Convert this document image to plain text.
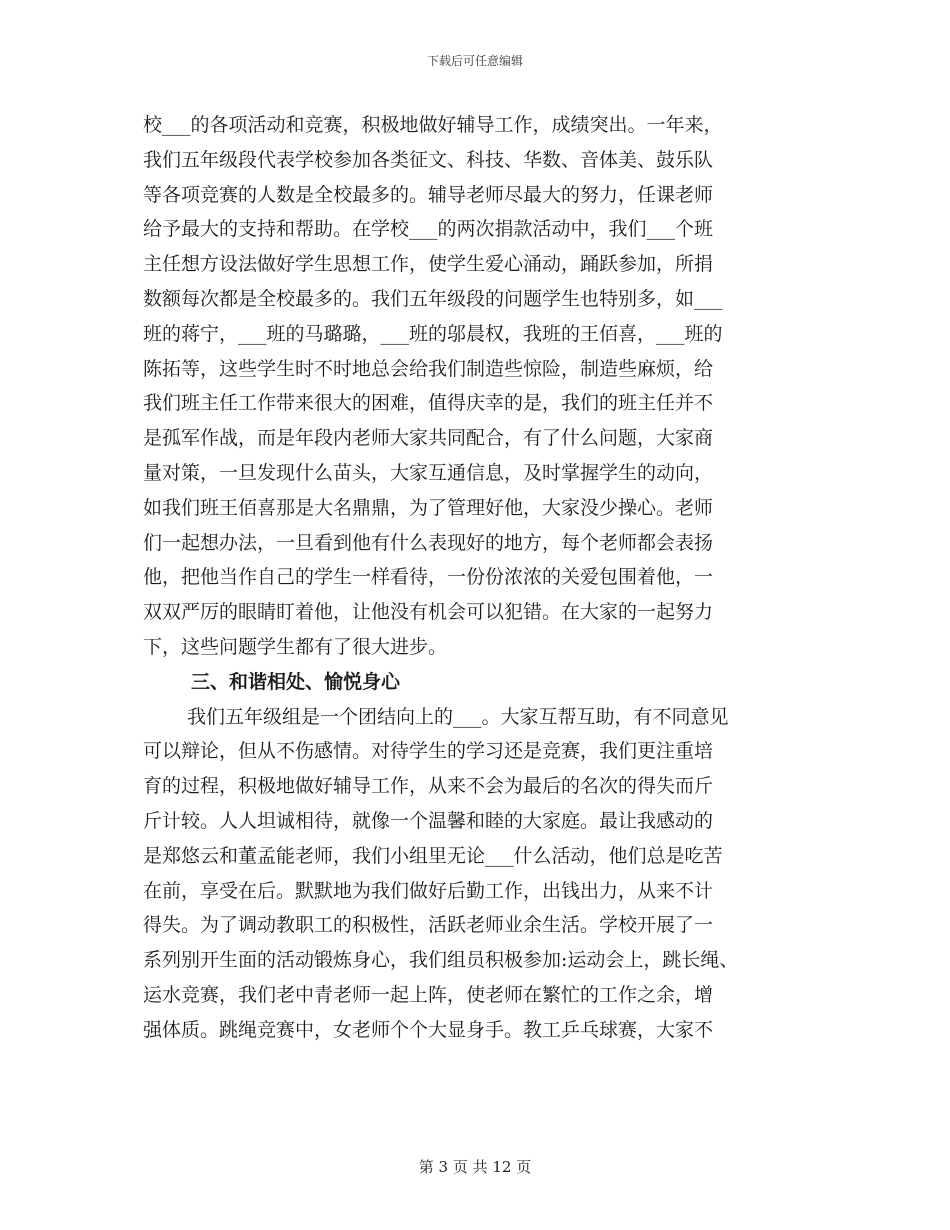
下载后可任意编辑
校___的各项活动和竞赛，积极地做好辅导工作，成绩突出。一年来，
我们五年级段代表学校参加各类征文、科技、华数、音体美、鼓乐队
等各项竞赛的人数是全校最多的。辅导老师尽最大的努力，任课老师
给予最大的支持和帮助。在学校___的两次捐款活动中，我们___个班
主任想方设法做好学生思想工作，使学生爱心涌动，踊跃参加，所捐
数额每次都是全校最多的。我们五年级段的问题学生也特别多，如___
班的蒋宁，___班的马璐璐，___班的邬晨权，我班的王佰喜，___班的
陈拓等，这些学生时不时地总会给我们制造些惊险，制造些麻烦，给
我们班主任工作带来很大的困难，值得庆幸的是，我们的班主任并不
是孤军作战，而是年段内老师大家共同配合，有了什么问题，大家商
量对策，一旦发现什么苗头，大家互通信息，及时掌握学生的动向，
如我们班王佰喜那是大名鼎鼎，为了管理好他，大家没少操心。老师
们一起想办法，一旦看到他有什么表现好的地方，每个老师都会表扬
他，把他当作自己的学生一样看待，一份份浓浓的关爱包围着他，一
双双严厉的眼睛盯着他，让他没有机会可以犯错。在大家的一起努力
下，这些问题学生都有了很大进步。
三、和谐相处、愉悦身心
我们五年级组是一个团结向上的___。大家互帮互助，有不同意见
可以辩论，但从不伤感情。对待学生的学习还是竞赛，我们更注重培
育的过程，积极地做好辅导工作，从来不会为最后的名次的得失而斤
斤计较。人人坦诚相待，就像一个温馨和睦的大家庭。最让我感动的
是郑悠云和董孟能老师，我们小组里无论___什么活动，他们总是吃苦
在前，享受在后。默默地为我们做好后勤工作，出钱出力，从来不计
得失。为了调动教职工的积极性，活跃老师业余生活。学校开展了一
系列别开生面的活动锻炼身心，我们组员积极参加:运动会上，跳长绳、
运水竞赛，我们老中青老师一起上阵，使老师在繁忙的工作之余，增
强体质。跳绳竞赛中，女老师个个大显身手。教工乒乓球赛，大家不
第 3 页 共 12 页
